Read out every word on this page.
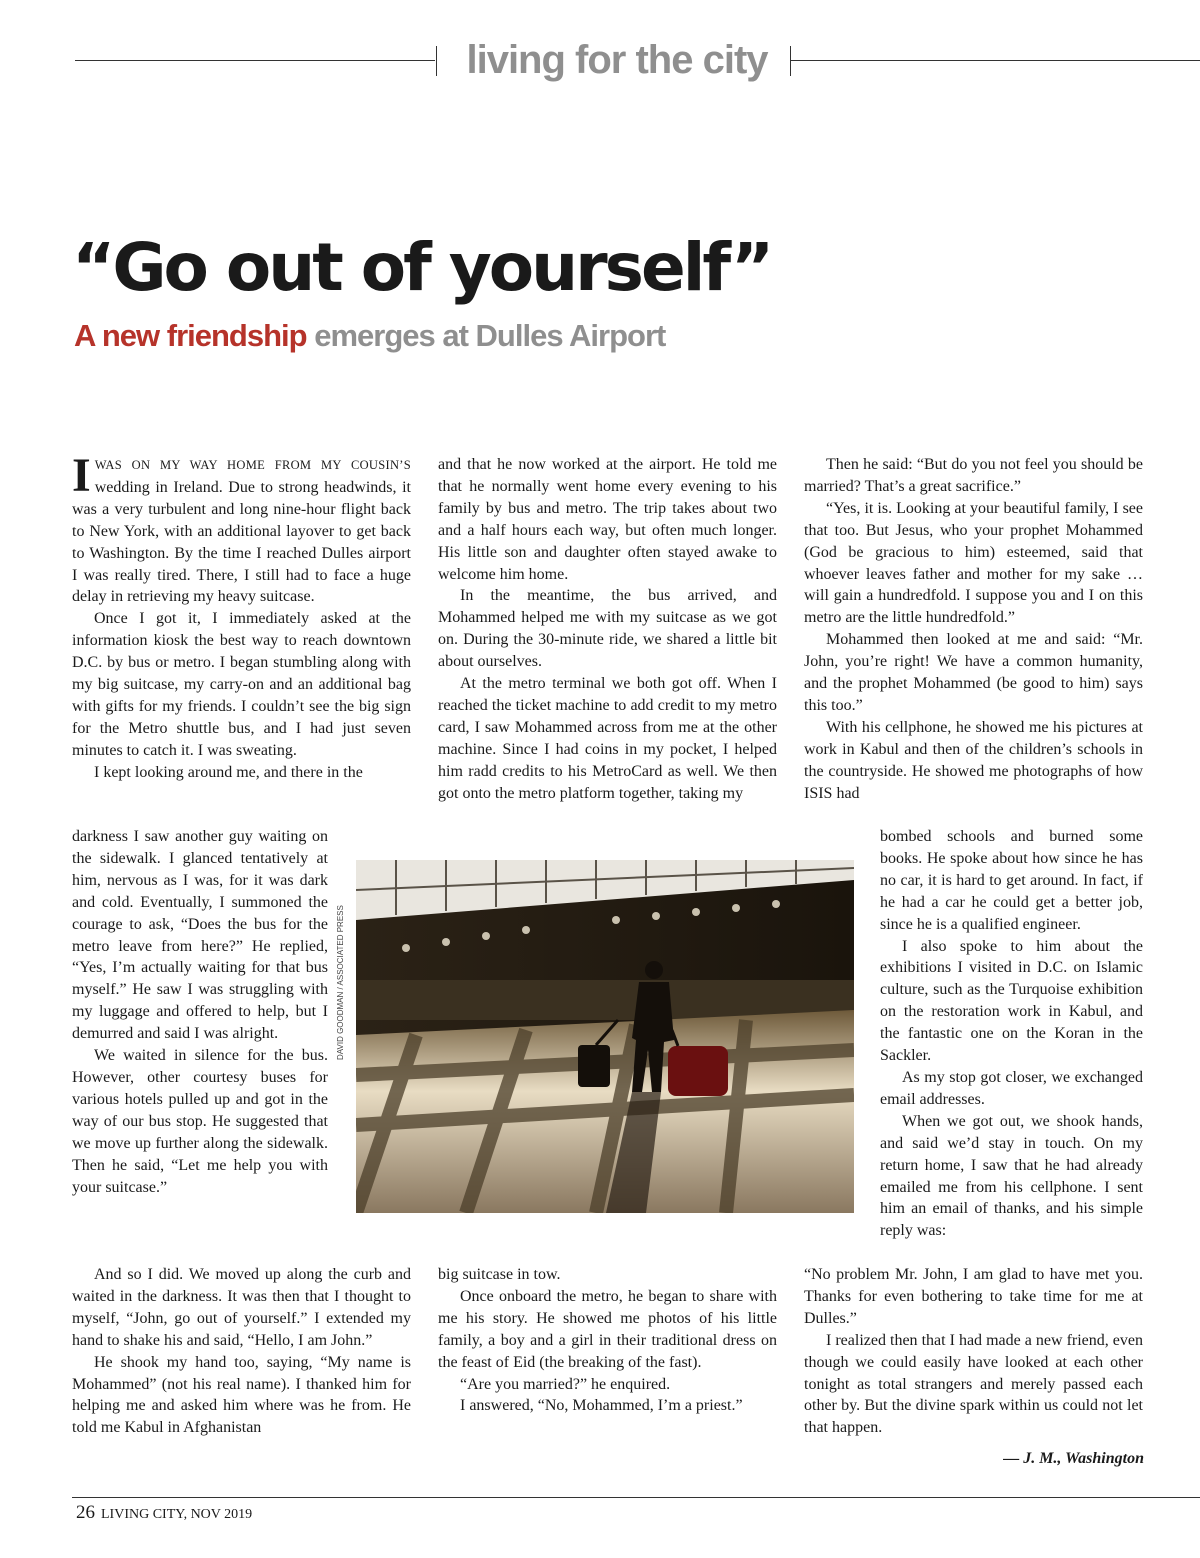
living for the city
“Go out of yourself”
A new friendship emerges at Dulles Airport

IWAS ON MY WAY HOME FROM MY COUSIN’S wedding in Ireland. Due to strong headwinds, it was a very turbulent and long nine-hour flight back to New York, with an additional layover to get back to Washington. By the time I reached Dulles airport I was really tired. There, I still had to face a huge delay in retrieving my heavy suitcase.

Once I got it, I immediately asked at the information kiosk the best way to reach downtown D.C. by bus or metro. I began stumbling along with my big suitcase, my carry-on and an additional bag with gifts for my friends. I couldn’t see the big sign for the Metro shuttle bus, and I had just seven minutes to catch it. I was sweating.

I kept looking around me, and there in the

darkness I saw another guy waiting on the sidewalk. I glanced tentatively at him, nervous as I was, for it was dark and cold. Eventually, I summoned the courage to ask, “Does the bus for the metro leave from here?” He replied, “Yes, I’m actually waiting for that bus myself.” He saw I was struggling with my luggage and offered to help, but I demurred and said I was alright.

We waited in silence for the bus. However, other courtesy buses for various hotels pulled up and got in the way of our bus stop. He suggested that we move up further along the sidewalk. Then he said, “Let me help you with your suitcase.”

And so I did. We moved up along the curb and waited in the darkness. It was then that I thought to myself, “John, go out of yourself.” I extended my hand to shake his and said, “Hello, I am John.”

He shook my hand too, saying, “My name is Mohammed” (not his real name). I thanked him for helping me and asked him where was he from. He told me Kabul in Afghanistan

and that he now worked at the airport. He told me that he normally went home every evening to his family by bus and metro. The trip takes about two and a half hours each way, but often much longer. His little son and daughter often stayed awake to welcome him home.

In the meantime, the bus arrived, and Mohammed helped me with my suitcase as we got on. During the 30-minute ride, we shared a little bit about ourselves.

At the metro terminal we both got off. When I reached the ticket machine to add credit to my metro card, I saw Mohammed across from me at the other machine. Since I had coins in my pocket, I helped him radd credits to his MetroCard as well. We then got onto the metro platform together, taking my

big suitcase in tow.

Once onboard the metro, he began to share with me his story. He showed me photos of his little family, a boy and a girl in their traditional dress on the feast of Eid (the breaking of the fast).

“Are you married?” he enquired.

I answered, “No, Mohammed, I’m a priest.”

Then he said: “But do you not feel you should be married? That’s a great sacrifice.”

“Yes, it is. Looking at your beautiful family, I see that too. But Jesus, who your prophet Mohammed (God be gracious to him) esteemed, said that whoever leaves father and mother for my sake … will gain a hundredfold. I suppose you and I on this metro are the little hundredfold.”

Mohammed then looked at me and said: “Mr. John, you’re right! We have a common humanity, and the prophet Mohammed (be good to him) says this too.”

With his cellphone, he showed me his pictures at work in Kabul and then of the children’s schools in the countryside. He showed me photographs of how ISIS had

bombed schools and burned some books. He spoke about how since he has no car, it is hard to get around. In fact, if he had a car he could get a better job, since he is a qualified engineer.

I also spoke to him about the exhibitions I visited in D.C. on Islamic culture, such as the Turquoise exhibition on the restoration work in Kabul, and the fantastic one on the Koran in the Sackler.

As my stop got closer, we exchanged email addresses.

When we got out, we shook hands, and said we’d stay in touch. On my return home, I saw that he had already emailed me from his cellphone. I sent him an email of thanks, and his simple reply was:

“No problem Mr. John, I am glad to have met you. Thanks for even bothering to take time for me at Dulles.”

I realized then that I had made a new friend, even though we could easily have looked at each other tonight as total strangers and merely passed each other by. But the divine spark within us could not let that happen.

— J. M., Washington
DAVID GOODMAN / ASSOCIATED PRESS
26 LIVING CITY, NOV 2019
